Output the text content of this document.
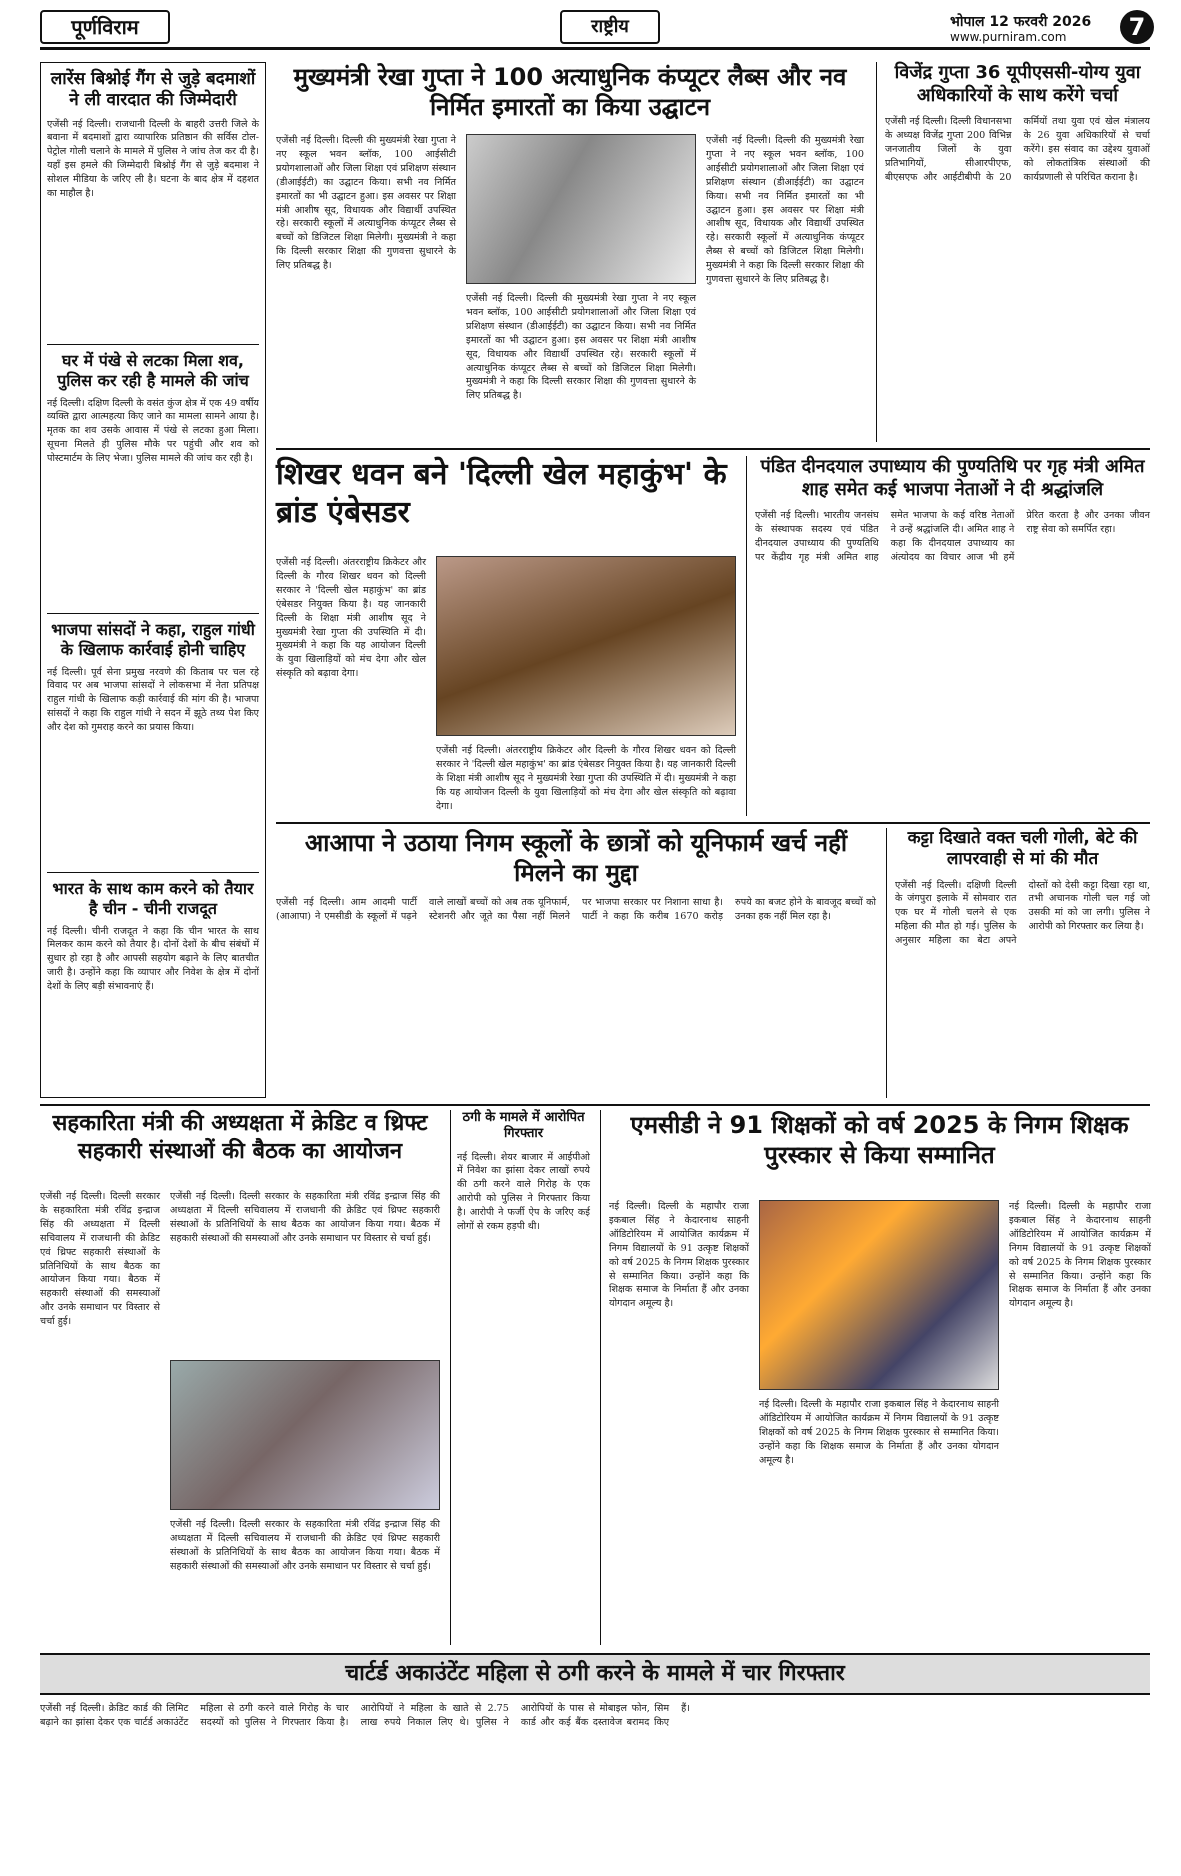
पूर्णविराम	राष्ट्रीय	भोपाल 12 फरवरी 2026
www.purniram.com	7
लारेंस बिश्नोई गैंग से जुड़े बदमाशों ने ली वारदात की जिम्मेदारी
एजेंसी नई दिल्ली। राजधानी दिल्ली के बाहरी उत्तरी जिले के बवाना में बदमाशों द्वारा व्यापारिक प्रतिष्ठान की सर्विस टोल-पेट्रोल गोली चलाने के मामले में पुलिस ने जांच तेज कर दी है। यहाँ इस हमले की जिम्मेदारी बिश्नोई गैंग से जुड़े बदमाश ने सोशल मीडिया के जरिए ली है। घटना के बाद क्षेत्र में दहशत का माहौल है।
घर में पंखे से लटका मिला शव, पुलिस कर रही है मामले की जांच
नई दिल्ली। दक्षिण दिल्ली के वसंत कुंज क्षेत्र में एक 49 वर्षीय व्यक्ति द्वारा आत्महत्या किए जाने का मामला सामने आया है। मृतक का शव उसके आवास में पंखे से लटका हुआ मिला। सूचना मिलते ही पुलिस मौके पर पहुंची और शव को पोस्टमार्टम के लिए भेजा। पुलिस मामले की जांच कर रही है।
भाजपा सांसदों ने कहा, राहुल गांधी के खिलाफ कार्रवाई होनी चाहिए
नई दिल्ली। पूर्व सेना प्रमुख नरवणे की किताब पर चल रहे विवाद पर अब भाजपा सांसदों ने लोकसभा में नेता प्रतिपक्ष राहुल गांधी के खिलाफ कड़ी कार्रवाई की मांग की है। भाजपा सांसदों ने कहा कि राहुल गांधी ने सदन में झूठे तथ्य पेश किए और देश को गुमराह करने का प्रयास किया।
भारत के साथ काम करने को तैयार है चीन - चीनी राजदूत
नई दिल्ली। चीनी राजदूत ने कहा कि चीन भारत के साथ मिलकर काम करने को तैयार है। दोनों देशों के बीच संबंधों में सुधार हो रहा है और आपसी सहयोग बढ़ाने के लिए बातचीत जारी है। उन्होंने कहा कि व्यापार और निवेश के क्षेत्र में दोनों देशों के लिए बड़ी संभावनाएं हैं।
मुख्यमंत्री रेखा गुप्ता ने 100 अत्याधुनिक कंप्यूटर लैब्स और नव निर्मित इमारतों का किया उद्घाटन
एजेंसी नई दिल्ली। दिल्ली की मुख्यमंत्री रेखा गुप्ता ने नए स्कूल भवन ब्लॉक, 100 आईसीटी प्रयोगशालाओं और जिला शिक्षा एवं प्रशिक्षण संस्थान (डीआईईटी) का उद्घाटन किया। सभी नव निर्मित इमारतों का भी उद्घाटन हुआ। इस अवसर पर शिक्षा मंत्री आशीष सूद, विधायक और विद्यार्थी उपस्थित रहे। सरकारी स्कूलों में अत्याधुनिक कंप्यूटर लैब्स से बच्चों को डिजिटल शिक्षा मिलेगी। मुख्यमंत्री ने कहा कि दिल्ली सरकार शिक्षा की गुणवत्ता सुधारने के लिए प्रतिबद्ध है।
एजेंसी नई दिल्ली। दिल्ली की मुख्यमंत्री रेखा गुप्ता ने नए स्कूल भवन ब्लॉक, 100 आईसीटी प्रयोगशालाओं और जिला शिक्षा एवं प्रशिक्षण संस्थान (डीआईईटी) का उद्घाटन किया। सभी नव निर्मित इमारतों का भी उद्घाटन हुआ। इस अवसर पर शिक्षा मंत्री आशीष सूद, विधायक और विद्यार्थी उपस्थित रहे। सरकारी स्कूलों में अत्याधुनिक कंप्यूटर लैब्स से बच्चों को डिजिटल शिक्षा मिलेगी। मुख्यमंत्री ने कहा कि दिल्ली सरकार शिक्षा की गुणवत्ता सुधारने के लिए प्रतिबद्ध है।
एजेंसी नई दिल्ली। दिल्ली की मुख्यमंत्री रेखा गुप्ता ने नए स्कूल भवन ब्लॉक, 100 आईसीटी प्रयोगशालाओं और जिला शिक्षा एवं प्रशिक्षण संस्थान (डीआईईटी) का उद्घाटन किया। सभी नव निर्मित इमारतों का भी उद्घाटन हुआ। इस अवसर पर शिक्षा मंत्री आशीष सूद, विधायक और विद्यार्थी उपस्थित रहे। सरकारी स्कूलों में अत्याधुनिक कंप्यूटर लैब्स से बच्चों को डिजिटल शिक्षा मिलेगी। मुख्यमंत्री ने कहा कि दिल्ली सरकार शिक्षा की गुणवत्ता सुधारने के लिए प्रतिबद्ध है।
विजेंद्र गुप्ता 36 यूपीएससी-योग्य युवा अधिकारियों के साथ करेंगे चर्चा
एजेंसी नई दिल्ली। दिल्ली विधानसभा के अध्यक्ष विजेंद्र गुप्ता 200 विभिन्न जनजातीय जिलों के युवा प्रतिभागियों, सीआरपीएफ, बीएसएफ और आईटीबीपी के 20 कर्मियों तथा युवा एवं खेल मंत्रालय के 26 युवा अधिकारियों से चर्चा करेंगे। इस संवाद का उद्देश्य युवाओं को लोकतांत्रिक संस्थाओं की कार्यप्रणाली से परिचित कराना है।
शिखर धवन बने 'दिल्ली खेल महाकुंभ' के ब्रांड एंबेसडर
एजेंसी नई दिल्ली। अंतरराष्ट्रीय क्रिकेटर और दिल्ली के गौरव शिखर धवन को दिल्ली सरकार ने 'दिल्ली खेल महाकुंभ' का ब्रांड एंबेसडर नियुक्त किया है। यह जानकारी दिल्ली के शिक्षा मंत्री आशीष सूद ने मुख्यमंत्री रेखा गुप्ता की उपस्थिति में दी। मुख्यमंत्री ने कहा कि यह आयोजन दिल्ली के युवा खिलाड़ियों को मंच देगा और खेल संस्कृति को बढ़ावा देगा।
एजेंसी नई दिल्ली। अंतरराष्ट्रीय क्रिकेटर और दिल्ली के गौरव शिखर धवन को दिल्ली सरकार ने 'दिल्ली खेल महाकुंभ' का ब्रांड एंबेसडर नियुक्त किया है। यह जानकारी दिल्ली के शिक्षा मंत्री आशीष सूद ने मुख्यमंत्री रेखा गुप्ता की उपस्थिति में दी। मुख्यमंत्री ने कहा कि यह आयोजन दिल्ली के युवा खिलाड़ियों को मंच देगा और खेल संस्कृति को बढ़ावा देगा।
पंडित दीनदयाल उपाध्याय की पुण्यतिथि पर गृह मंत्री अमित शाह समेत कई भाजपा नेताओं ने दी श्रद्धांजलि
एजेंसी नई दिल्ली। भारतीय जनसंघ के संस्थापक सदस्य एवं पंडित दीनदयाल उपाध्याय की पुण्यतिथि पर केंद्रीय गृह मंत्री अमित शाह समेत भाजपा के कई वरिष्ठ नेताओं ने उन्हें श्रद्धांजलि दी। अमित शाह ने कहा कि दीनदयाल उपाध्याय का अंत्योदय का विचार आज भी हमें प्रेरित करता है और उनका जीवन राष्ट्र सेवा को समर्पित रहा।
आआपा ने उठाया निगम स्कूलों के छात्रों को यूनिफार्म खर्च नहीं मिलने का मुद्दा
एजेंसी नई दिल्ली। आम आदमी पार्टी (आआपा) ने एमसीडी के स्कूलों में पढ़ने वाले लाखों बच्चों को अब तक यूनिफार्म, स्टेशनरी और जूते का पैसा नहीं मिलने पर भाजपा सरकार पर निशाना साधा है। पार्टी ने कहा कि करीब 1670 करोड़ रुपये का बजट होने के बावजूद बच्चों को उनका हक नहीं मिल रहा है।
कट्टा दिखाते वक्त चली गोली, बेटे की लापरवाही से मां की मौत
एजेंसी नई दिल्ली। दक्षिणी दिल्ली के जंगपुरा इलाके में सोमवार रात एक घर में गोली चलने से एक महिला की मौत हो गई। पुलिस के अनुसार महिला का बेटा अपने दोस्तों को देसी कट्टा दिखा रहा था, तभी अचानक गोली चल गई जो उसकी मां को जा लगी। पुलिस ने आरोपी को गिरफ्तार कर लिया है।
सहकारिता मंत्री की अध्यक्षता में क्रेडिट व थ्रिफ्ट सहकारी संस्थाओं की बैठक का आयोजन
एजेंसी नई दिल्ली। दिल्ली सरकार के सहकारिता मंत्री रविंद्र इन्द्राज सिंह की अध्यक्षता में दिल्ली सचिवालय में राजधानी की क्रेडिट एवं थ्रिफ्ट सहकारी संस्थाओं के प्रतिनिधियों के साथ बैठक का आयोजन किया गया। बैठक में सहकारी संस्थाओं की समस्याओं और उनके समाधान पर विस्तार से चर्चा हुई।
एजेंसी नई दिल्ली। दिल्ली सरकार के सहकारिता मंत्री रविंद्र इन्द्राज सिंह की अध्यक्षता में दिल्ली सचिवालय में राजधानी की क्रेडिट एवं थ्रिफ्ट सहकारी संस्थाओं के प्रतिनिधियों के साथ बैठक का आयोजन किया गया। बैठक में सहकारी संस्थाओं की समस्याओं और उनके समाधान पर विस्तार से चर्चा हुई।
एजेंसी नई दिल्ली। दिल्ली सरकार के सहकारिता मंत्री रविंद्र इन्द्राज सिंह की अध्यक्षता में दिल्ली सचिवालय में राजधानी की क्रेडिट एवं थ्रिफ्ट सहकारी संस्थाओं के प्रतिनिधियों के साथ बैठक का आयोजन किया गया। बैठक में सहकारी संस्थाओं की समस्याओं और उनके समाधान पर विस्तार से चर्चा हुई।
ठगी के मामले में आरोपित गिरफ्तार
नई दिल्ली। शेयर बाजार में आईपीओ में निवेश का झांसा देकर लाखों रुपये की ठगी करने वाले गिरोह के एक आरोपी को पुलिस ने गिरफ्तार किया है। आरोपी ने फर्जी ऐप के जरिए कई लोगों से रकम हड़पी थी।
एमसीडी ने 91 शिक्षकों को वर्ष 2025 के निगम शिक्षक पुरस्कार से किया सम्मानित
नई दिल्ली। दिल्ली के महापौर राजा इकबाल सिंह ने केदारनाथ साहनी ऑडिटोरियम में आयोजित कार्यक्रम में निगम विद्यालयों के 91 उत्कृष्ट शिक्षकों को वर्ष 2025 के निगम शिक्षक पुरस्कार से सम्मानित किया। उन्होंने कहा कि शिक्षक समाज के निर्माता हैं और उनका योगदान अमूल्य है।
नई दिल्ली। दिल्ली के महापौर राजा इकबाल सिंह ने केदारनाथ साहनी ऑडिटोरियम में आयोजित कार्यक्रम में निगम विद्यालयों के 91 उत्कृष्ट शिक्षकों को वर्ष 2025 के निगम शिक्षक पुरस्कार से सम्मानित किया। उन्होंने कहा कि शिक्षक समाज के निर्माता हैं और उनका योगदान अमूल्य है।
नई दिल्ली। दिल्ली के महापौर राजा इकबाल सिंह ने केदारनाथ साहनी ऑडिटोरियम में आयोजित कार्यक्रम में निगम विद्यालयों के 91 उत्कृष्ट शिक्षकों को वर्ष 2025 के निगम शिक्षक पुरस्कार से सम्मानित किया। उन्होंने कहा कि शिक्षक समाज के निर्माता हैं और उनका योगदान अमूल्य है।
चार्टर्ड अकाउंटेंट महिला से ठगी करने के मामले में चार गिरफ्तार
एजेंसी नई दिल्ली। क्रेडिट कार्ड की लिमिट बढ़ाने का झांसा देकर एक चार्टर्ड अकाउंटेंट महिला से ठगी करने वाले गिरोह के चार सदस्यों को पुलिस ने गिरफ्तार किया है। आरोपियों ने महिला के खाते से 2.75 लाख रुपये निकाल लिए थे। पुलिस ने आरोपियों के पास से मोबाइल फोन, सिम कार्ड और कई बैंक दस्तावेज बरामद किए हैं।
